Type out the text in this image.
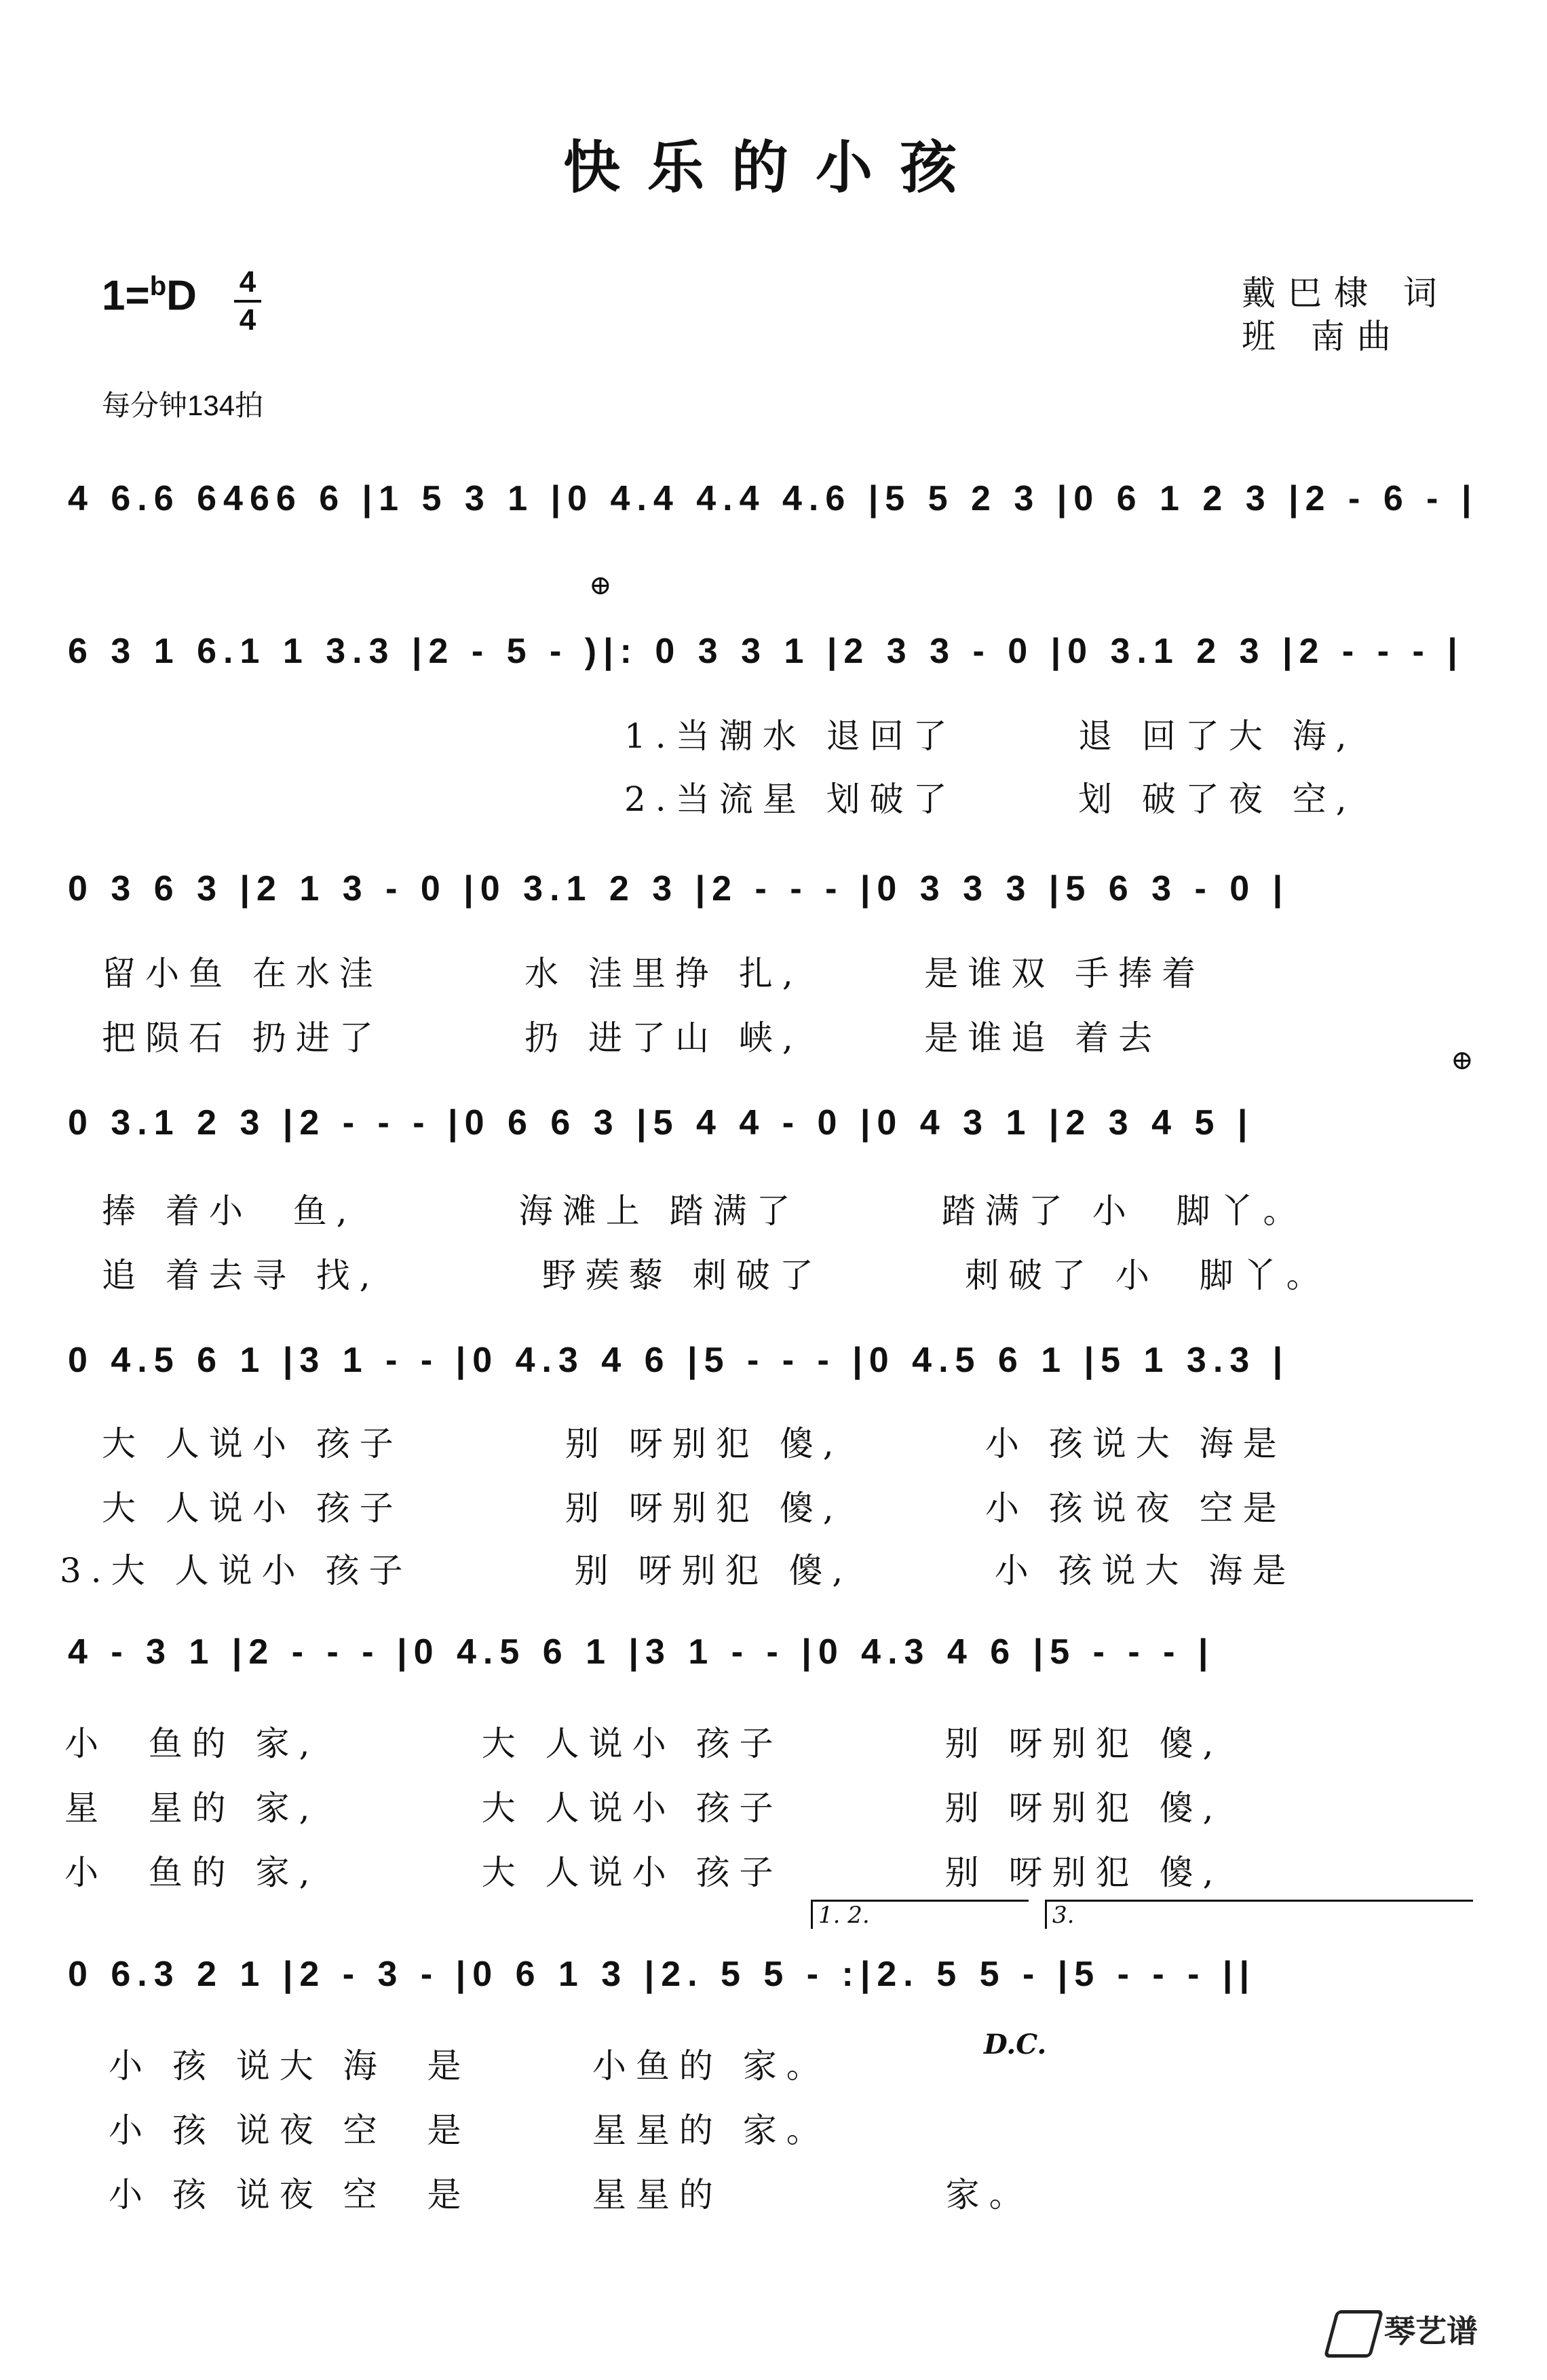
快乐的小孩
1=$^b$D 4
4
戴巴棣 词
班 南曲
每分钟134拍
4 6.6 6466 6 |1 5 3 1 |0 4.4 4.4 4.6 |5 5 2 3 |0 6 1 2 3 |2 - 6 - |
⊕
6 3 1 6.1 1 3.3 |2 - 5 - )|: 0 3 3 1 |2 3 3 - 0 |0 3.1 2 3 |2 - - - |
1.当潮水 退回了      退 回了大 海,
2.当流星 划破了      划 破了夜 空,
0 3 6 3 |2 1 3 - 0 |0 3.1 2 3 |2 - - - |0 3 3 3 |5 6 3 - 0 |
留小鱼 在水洼       水 洼里挣 扎,      是谁双 手捧着
把陨石 扔进了       扔 进了山 峡,      是谁追 着去
⊕
0 3.1 2 3 |2 - - - |0 6 6 3 |5 4 4 - 0 |0 4 3 1 |2 3 4 5 |
捧 着小  鱼,        海滩上 踏满了       踏满了 小  脚丫。
追 着去寻 找,        野蒺藜 刺破了       刺破了 小  脚丫。
0 4.5 6 1 |3 1 - - |0 4.3 4 6 |5 - - - |0 4.5 6 1 |5 1 3.3 |
大 人说小 孩子        别 呀别犯 傻,       小 孩说大 海是
大 人说小 孩子        别 呀别犯 傻,       小 孩说夜 空是
3.大 人说小 孩子        别 呀别犯 傻,       小 孩说大 海是
4 - 3 1 |2 - - - |0 4.5 6 1 |3 1 - - |0 4.3 4 6 |5 - - - |
小  鱼的 家,        大 人说小 孩子        别 呀别犯 傻,
星  星的 家,        大 人说小 孩子        别 呀别犯 傻,
小  鱼的 家,        大 人说小 孩子        别 呀别犯 傻,
1. 2.	3.
0 6.3 2 1 |2 - 3 - |0 6 1 3 |2. 5 5 - :|2. 5 5 - |5 - - - ||
D.C.
小 孩 说大 海  是      小鱼的 家。
小 孩 说夜 空  是      星星的 家。
小 孩 说夜 空  是      星星的           家。
琴艺谱
